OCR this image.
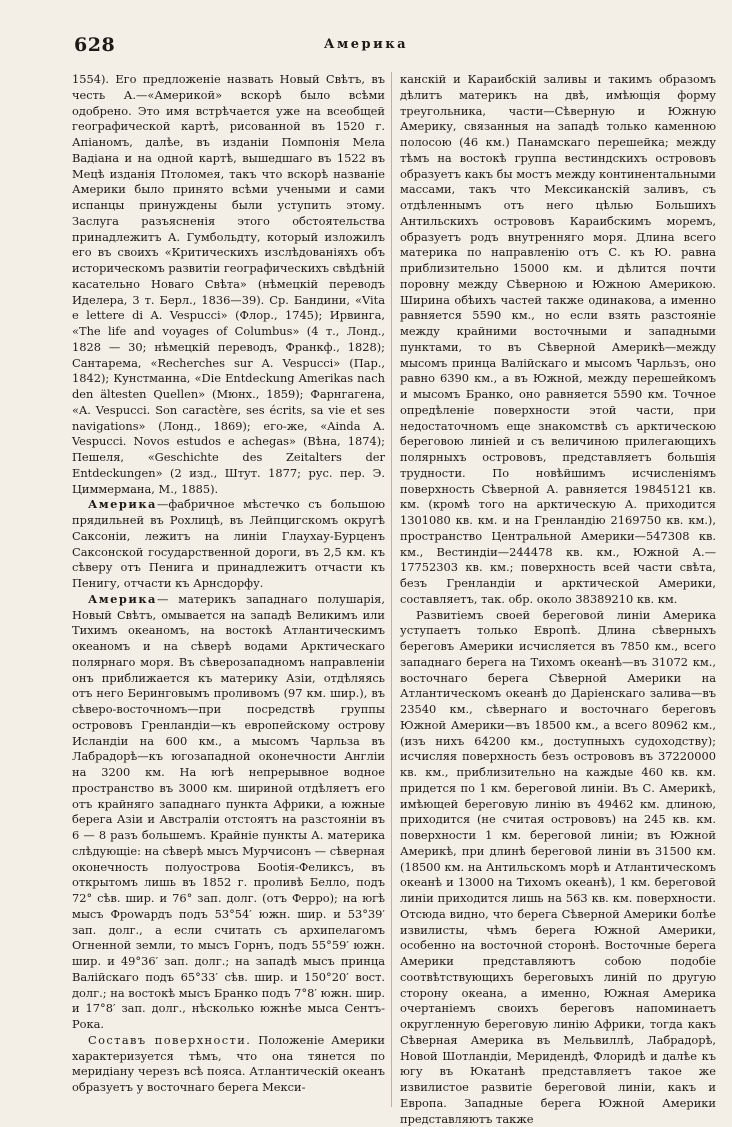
628	Америка

1554). Его предложеніе назвать Новый Свѣтъ, въ честь А.—«Америкой» вскорѣ было всѣми одобрено. Это имя встрѣчается уже на всеобщей географической картѣ, рисованной въ 1520 г. Апіаномъ, далѣе, въ изданіи Помпонія Мела Вадіана и на одной картѣ, вышедшаго въ 1522 въ Мецѣ изданія Птоломея, такъ что вскорѣ названіе Америки было принято всѣми учеными и сами испанцы принуждены были уступить этому. Заслуга разъясненія этого обстоятельства принадлежитъ А. Гумбольдту, который изложилъ его въ своихъ «Критическихъ изслѣдованіяхъ объ историческомъ развитіи географическихъ свѣдѣній касательно Новаго Свѣта» (нѣмецкій переводъ Иделера, 3 т. Берл., 1836—39). Ср. Бандини, «Vita e lettere di A. Vespucci» (Флор., 1745); Ирвинга, «The life and voyages of Columbus» (4 т., Лонд., 1828 — 30; нѣмецкій переводъ, Франкф., 1828); Сантарема, «Recherches sur A. Vespucci» (Пар., 1842); Кунстманна, «Die Entdeckung Amerikas nach den ältesten Quellen» (Мюнх., 1859); Фарнгагена, «A. Vespucci. Son caractère, ses écrits, sa vie et ses navigations» (Лонд., 1869); его-же, «Ainda A. Vespucci. Novos estudos e achegas» (Вѣна, 1874); Пешеля, «Geschichte des Zeitalters der Entdeckungen» (2 изд., Штут. 1877; рус. пер. Э. Циммермана, М., 1885).

Америка—фабричное мѣстечко съ большою прядильней въ Рохлицѣ, въ Лейпцигскомъ округѣ Саксоніи, лежитъ на линіи Глаухау-Бурценъ Саксонской государственной дороги, въ 2,5 км. къ сѣверу отъ Пенига и принадлежитъ отчасти къ Пенигу, отчасти къ Арнсдорфу.

Америка— материкъ западнаго полушарія, Новый Свѣтъ, омывается на западѣ Великимъ или Тихимъ океаномъ, на востокѣ Атлантическимъ океаномъ и на сѣверѣ водами Арктическаго полярнаго моря. Въ сѣверозападномъ направленіи онъ приближается къ материку Азіи, отдѣляясь отъ него Беринговымъ проливомъ (97 км. шир.), въ сѣверо-восточномъ—при посредствѣ группы острововъ Гренландіи—къ европейскому острову Исландіи на 600 км., а мысомъ Чарльза въ Лабрадорѣ—къ югозападной оконечности Англіи на 3200 км. На югѣ непрерывное водное пространство въ 3000 км. шириной отдѣляетъ его отъ крайняго западнаго пункта Африки, а южные берега Азіи и Австраліи отстоятъ на разстояніи въ 6 — 8 разъ большемъ. Крайніе пункты А. материка слѣдующіе: на сѣверѣ мысъ Мурчисонъ — сѣверная оконечность полуострова Бootія-Феликсъ, въ открытомъ лишь въ 1852 г. проливѣ Белло, подъ 72° сѣв. шир. и 76° зап. долг. (отъ Ферро); на югѣ мысъ Фроwардъ подъ 53°54′ южн. шир. и 53°39′ зап. долг., а если считать съ архипелагомъ Огненной земли, то мысъ Горнъ, подъ 55°59′ южн. шир. и 49°36′ зап. долг.; на западѣ мысъ принца Валійскаго подъ 65°33′ сѣв. шир. и 150°20′ вост. долг.; на востокѣ мысъ Бранко подъ 7°8′ южн. шир. и 17°8′ зап. долг., нѣсколько южнѣе мыса Сентъ-Рока.

Составъ поверхности. Положеніе Америки характеризуется тѣмъ, что она тянется по меридіану черезъ всѣ пояса. Атлантическій океанъ образуетъ у восточнаго берега Мекси-

канскій и Караибскій заливы и такимъ образомъ дѣлитъ материкъ на двѣ, имѣющія форму треугольника, части—Сѣверную и Южную Америку, связанныя на западѣ только каменною полосою (46 км.) Панамскаго перешейка; между тѣмъ на востокѣ группа вестиндскихъ острововъ образуетъ какъ бы мостъ между континентальными массами, такъ что Мексиканскій заливъ, съ отдѣленнымъ отъ него цѣлью Большихъ Антильскихъ острововъ Караибскимъ моремъ, образуетъ родъ внутренняго моря. Длина всего материка по направленію отъ С. къ Ю. равна приблизительно 15000 км. и дѣлится почти поровну между Сѣверною и Южною Америкою. Ширина обѣихъ частей также одинакова, а именно равняется 5590 км., но если взять разстояніе между крайними восточными и западными пунктами, то въ Сѣверной Америкѣ—между мысомъ принца Валійскаго и мысомъ Чарльзъ, оно равно 6390 км., а въ Южной, между перешейкомъ и мысомъ Бранко, оно равняется 5590 км. Точное опредѣленіе поверхности этой части, при недостаточномъ еще знакомствѣ съ арктическою береговою линіей и съ величиною прилегающихъ полярныхъ острововъ, представляетъ большія трудности. По новѣйшимъ исчисленіямъ поверхность Сѣверной А. равняется 19845121 кв. км. (кромѣ того на арктическую А. приходится 1301080 кв. км. и на Гренландію 2169750 кв. км.), пространство Центральной Америки—547308 кв. км., Вестиндіи—244478 кв. км., Южной А.—17752303 кв. км.; поверхность всей части свѣта, безъ Гренландіи и арктической Америки, составляетъ, так. обр. около 38389210 кв. км.

Развитіемъ своей береговой линіи Америка уступаетъ только Европѣ. Длина сѣверныхъ береговъ Америки исчисляется въ 7850 км., всего западнаго берега на Тихомъ океанѣ—въ 31072 км., восточнаго берега Сѣверной Америки на Атлантическомъ океанѣ до Даріенскаго залива—въ 23540 км., сѣвернаго и восточнаго береговъ Южной Америки—въ 18500 км., а всего 80962 км., (изъ нихъ 64200 км., доступныхъ судоходству); исчисляя поверхность безъ острововъ въ 37220000 кв. км., приблизительно на каждые 460 кв. км. придется по 1 км. береговой линіи. Въ С. Америкѣ, имѣющей береговую линію въ 49462 км. длиною, приходится (не считая острововъ) на 245 кв. км. поверхности 1 км. береговой линіи; въ Южной Америкѣ, при длинѣ береговой линіи въ 31500 км. (18500 км. на Антильскомъ морѣ и Атлантическомъ океанѣ и 13000 на Тихомъ океанѣ), 1 км. береговой линіи приходится лишь на 563 кв. км. поверхности. Отсюда видно, что берега Сѣверной Америки болѣе извилисты, чѣмъ берега Южной Америки, особенно на восточной сторонѣ. Восточные берега Америки представляютъ собою подобіе соотвѣтствующихъ береговыхъ линій по другую сторону океана, а именно, Южная Америка очертаніемъ своихъ береговъ напоминаетъ округленную береговую линію Африки, тогда какъ Сѣверная Америка въ Мельвиллѣ, Лабрадорѣ, Новой Шотландіи, Меридендѣ, Флоридѣ и далѣе къ югу въ Юкатанѣ представляетъ такое же извилистое развитіе береговой линіи, какъ и Европа. Западные берега Южной Америки представляютъ также
